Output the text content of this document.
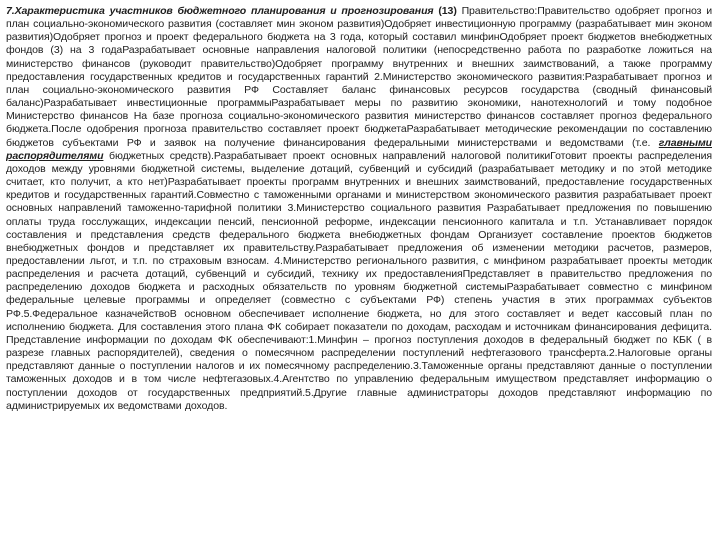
7.Характеристика участников бюджетного планирования и прогнозирования (13) Правительство:Правительство одобряет прогноз и план социально-экономического развития (составляет мин эконом развития)Одобряет инвестиционную программу (разрабатывает мин эконом развития)Одобряет прогноз и проект федерального бюджета на 3 года, который составил минфинОдобряет проект бюджетов внебюджетных фондов (3) на 3 годаРазрабатывает основные направления налоговой политики (непосредственно работа по разработке ложиться на министерство финансов (руководит правительство)Одобряет программу внутренних и внешних заимствований, а также программу предоставления государственных кредитов и государственных гарантий 2.Министерство экономического развития:Разрабатывает прогноз и план социально-экономического развития РФ Составляет баланс финансовых ресурсов государства (сводный финансовый баланс)Разрабатывает инвестиционные программыРазрабатывает меры по развитию экономики, нанотехнологий и тому подобное Министерство финансов На базе прогноза социально-экономического развития министерство финансов составляет прогноз федерального бюджета.После одобрения прогноза правительство составляет проект бюджетаРазрабатывает методические рекомендации по составлению бюджетов субъектами РФ и заявок на получение финансирования федеральными министерствами и ведомствами (т.е. главными распорядителями бюджетных средств).Разрабатывает проект основных направлений налоговой политикиГотовит проекты распределения доходов между уровнями бюджетной системы, выделение дотаций, субвенций и субсидий (разрабатывает методику и по этой методике считает, кто получит, а кто нет)Разрабатывает проекты программ внутренних и внешних заимствований, предоставление государственных кредитов и государственных гарантий.Совместно с таможенными органами и министерством экономического развития разрабатывает проект основных направлений таможенно-тарифной политики 3.Министерство социального развития Разрабатывает предложения по повышению оплаты труда госслужащих, индексации пенсий, пенсионной реформе, индексации пенсионного капитала и т.п. Устанавливает порядок составления и представления средств федерального бюджета внебюджетных фондам Организует составление проектов бюджетов внебюджетных фондов и представляет их правительству.Разрабатывает предложения об изменении методики расчетов, размеров, предоставлении льгот, и т.п. по страховым взносам. 4.Министерство регионального развития, с минфином разрабатывает проекты методик распределения и расчета дотаций, субвенций и субсидий, технику их предоставленияПредставляет в правительство предложения по распределению доходов бюджета и расходных обязательств по уровням бюджетной системыРазрабатывает совместно с минфином федеральные целевые программы и определяет (совместно с субъектами РФ) степень участия в этих программах субъектов РФ.5.Федеральное казначействоВ основном обеспечивает исполнение бюджета, но для этого составляет и ведет кассовый план по исполнению бюджета. Для составления этого плана ФК собирает показатели по доходам, расходам и источникам финансирования дефицита. Представление информации по доходам ФК обеспечивают:1.Минфин – прогноз поступления доходов в федеральный бюджет по КБК ( в разрезе главных распорядителей), сведения о помесячном распределении поступлений нефтегазового трансферта.2.Налоговые органы представляют данные о поступлении налогов и их помесячному распределению.3.Таможенные органы представляют данные о поступлении таможенных доходов и в том числе нефтегазовых.4.Агентство по управлению федеральным имуществом представляет информацию о поступлении доходов от государственных предприятий.5.Другие главные администраторы доходов представляют информацию по администрируемых их ведомствами доходов.
